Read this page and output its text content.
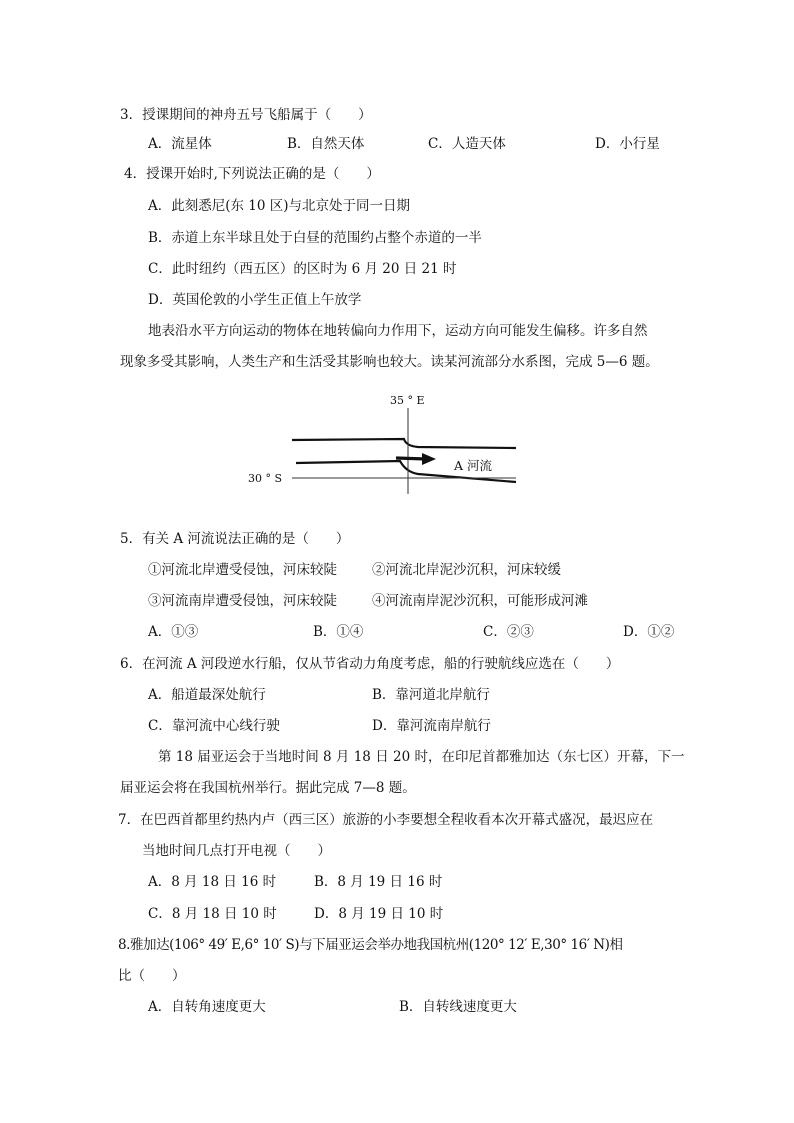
3．授课期间的神舟五号飞船属于（　　）
A．流星体	B．自然天体	C．人造天体	D．小行星
4．授课开始时,下列说法正确的是（　　）
A．此刻悉尼(东 10 区)与北京处于同一日期
B．赤道上东半球且处于白昼的范围约占整个赤道的一半
C．此时纽约（西五区）的区时为 6 月 20 日 21 时
D．英国伦敦的小学生正值上午放学
地表沿水平方向运动的物体在地转偏向力作用下，运动方向可能发生偏移。许多自然
现象多受其影响，人类生产和生活受其影响也较大。读某河流部分水系图，完成 5—6 题。
35 ° E
30 ° S
A 河流
5．有关 A 河流说法正确的是（　　）
①河流北岸遭受侵蚀，河床较陡	②河流北岸泥沙沉积，河床较缓
③河流南岸遭受侵蚀，河床较陡	④河流南岸泥沙沉积，可能形成河滩
A．①③	B．①④	C．②③	D．①②
6．在河流 A 河段逆水行船，仅从节省动力角度考虑，船的行驶航线应选在（　　）
A．船道最深处航行	B．靠河道北岸航行
C．靠河流中心线行驶	D．靠河流南岸航行
第 18 届亚运会于当地时间 8 月 18 日 20 时，在印尼首都雅加达（东七区）开幕，下一
届亚运会将在我国杭州举行。据此完成 7—8 题。
7．在巴西首都里约热内卢（西三区）旅游的小李要想全程收看本次开幕式盛况，最迟应在
当地时间几点打开电视（　　）
A．8 月 18 日 16 时	B．8 月 19 日 16 时
C．8 月 18 日 10 时	D．8 月 19 日 10 时
8.雅加达(106° 49′ E,6° 10′ S)与下届亚运会举办地我国杭州(120° 12′ E,30° 16′ N)相
比（　　）
A．自转角速度更大	B．自转线速度更大
